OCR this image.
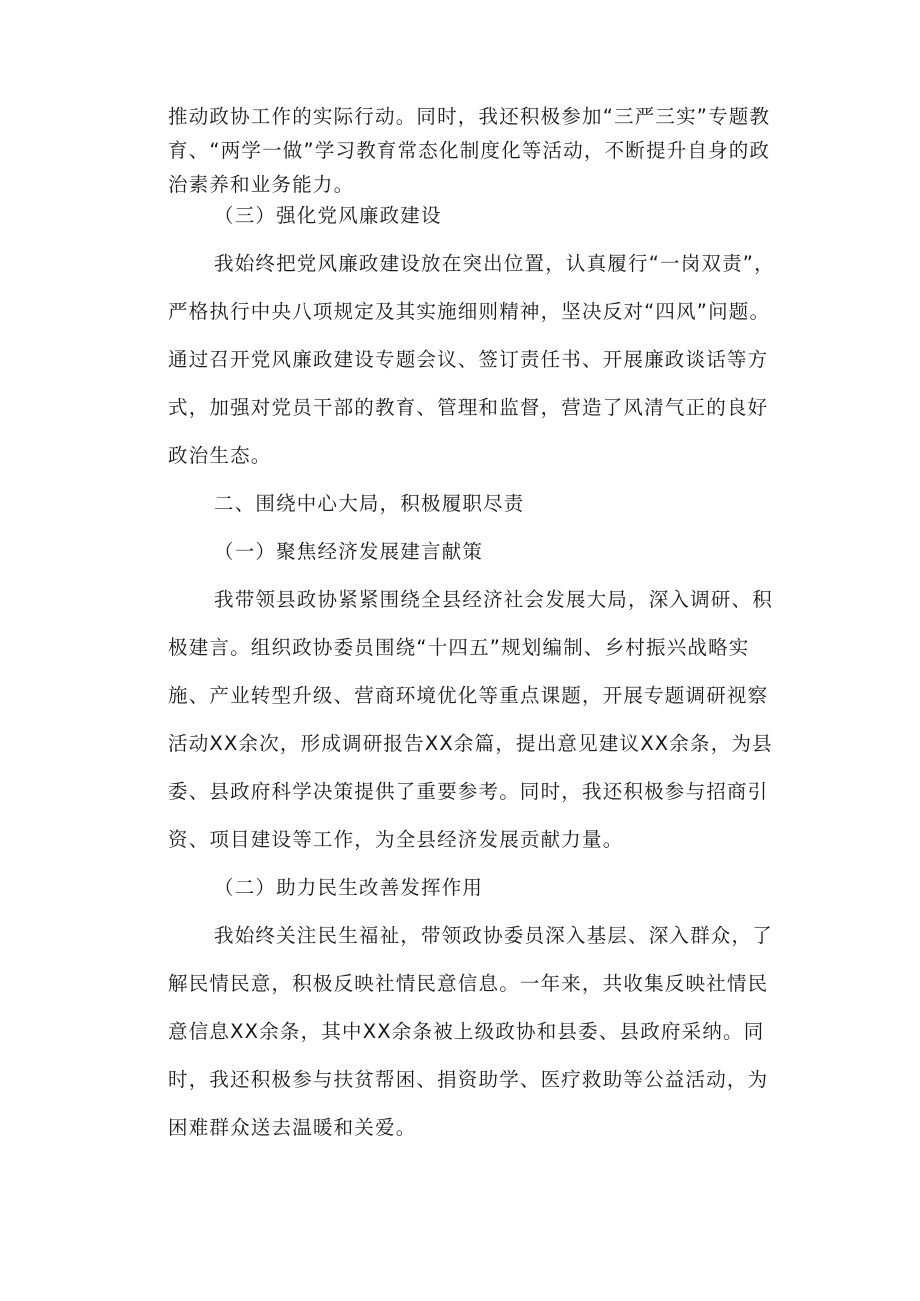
推动政协工作的实际行动。同时，我还积极参加“三严三实”专题教育、“两学一做”学习教育常态化制度化等活动，不断提升自身的政治素养和业务能力。
（三）强化党风廉政建设
我始终把党风廉政建设放在突出位置，认真履行“一岗双责”，严格执行中央八项规定及其实施细则精神，坚决反对“四风”问题。通过召开党风廉政建设专题会议、签订责任书、开展廉政谈话等方式，加强对党员干部的教育、管理和监督，营造了风清气正的良好政治生态。
二、围绕中心大局，积极履职尽责
（一）聚焦经济发展建言献策
我带领县政协紧紧围绕全县经济社会发展大局，深入调研、积极建言。组织政协委员围绕“十四五”规划编制、乡村振兴战略实施、产业转型升级、营商环境优化等重点课题，开展专题调研视察活动XX余次，形成调研报告XX余篇，提出意见建议XX余条，为县委、县政府科学决策提供了重要参考。同时，我还积极参与招商引资、项目建设等工作，为全县经济发展贡献力量。
（二）助力民生改善发挥作用
我始终关注民生福祉，带领政协委员深入基层、深入群众，了解民情民意，积极反映社情民意信息。一年来，共收集反映社情民意信息XX余条，其中XX余条被上级政协和县委、县政府采纳。同时，我还积极参与扶贫帮困、捐资助学、医疗救助等公益活动，为困难群众送去温暖和关爱。
